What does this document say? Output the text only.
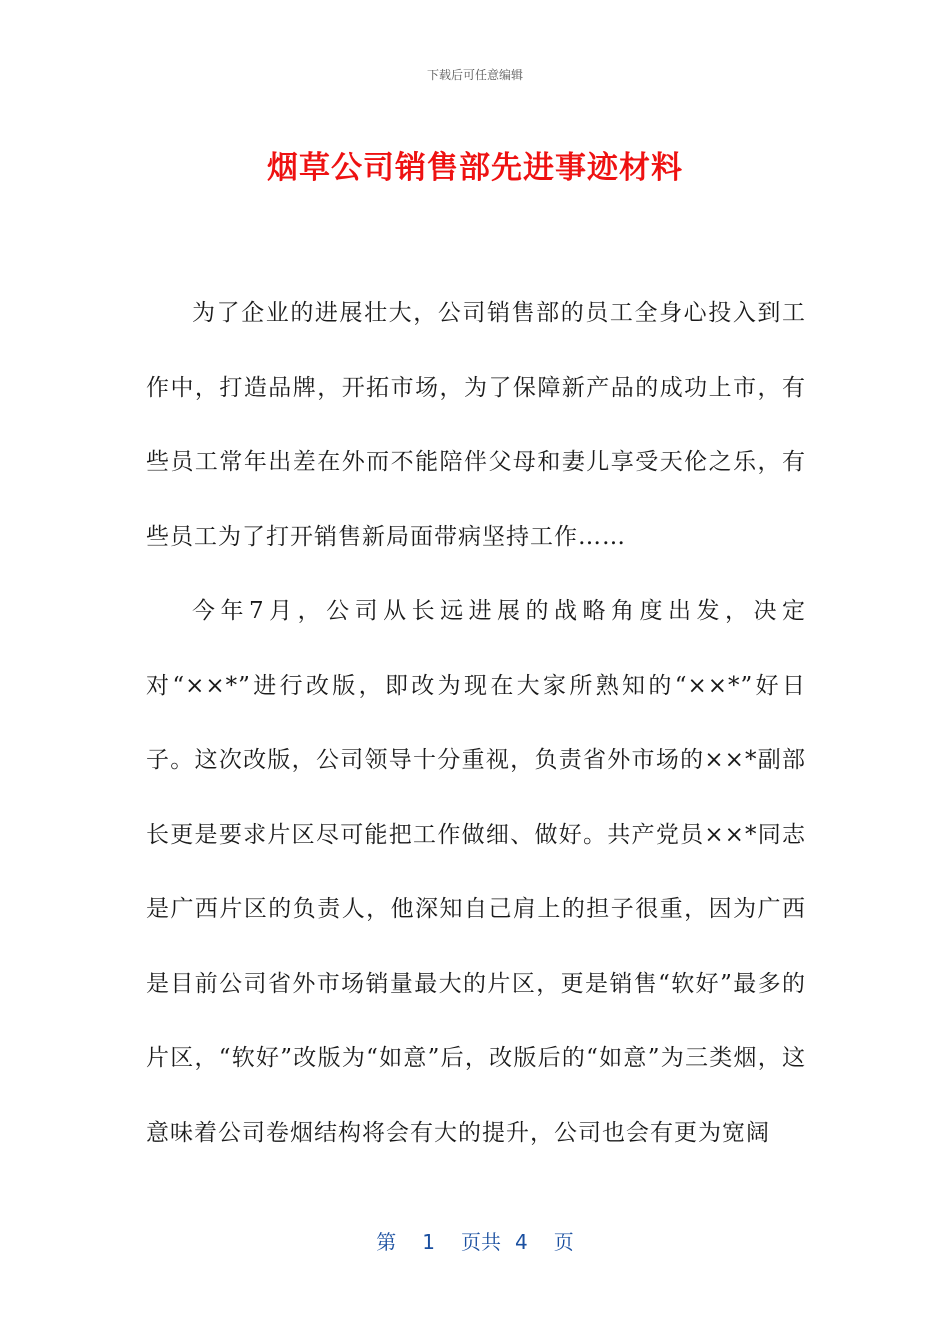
下载后可任意编辑
烟草公司销售部先进事迹材料

为了企业的进展壮大，公司销售部的员工全身心投入到工作中，打造品牌，开拓市场，为了保障新产品的成功上市，有些员工常年出差在外而不能陪伴父母和妻儿享受天伦之乐，有些员工为了打开销售新局面带病坚持工作……

今年7月，公司从长远进展的战略角度出发，决定对“××*”进行改版，即改为现在大家所熟知的“××*”好日子。这次改版，公司领导十分重视，负责省外市场的××*副部长更是要求片区尽可能把工作做细、做好。共产党员××*同志是广西片区的负责人，他深知自己肩上的担子很重，因为广西是目前公司省外市场销量最大的片区，更是销售“软好”最多的片区，“软好”改版为“如意”后，改版后的“如意”为三类烟，这意味着公司卷烟结构将会有大的提升，公司也会有更为宽阔

第 1 页共 4 页
